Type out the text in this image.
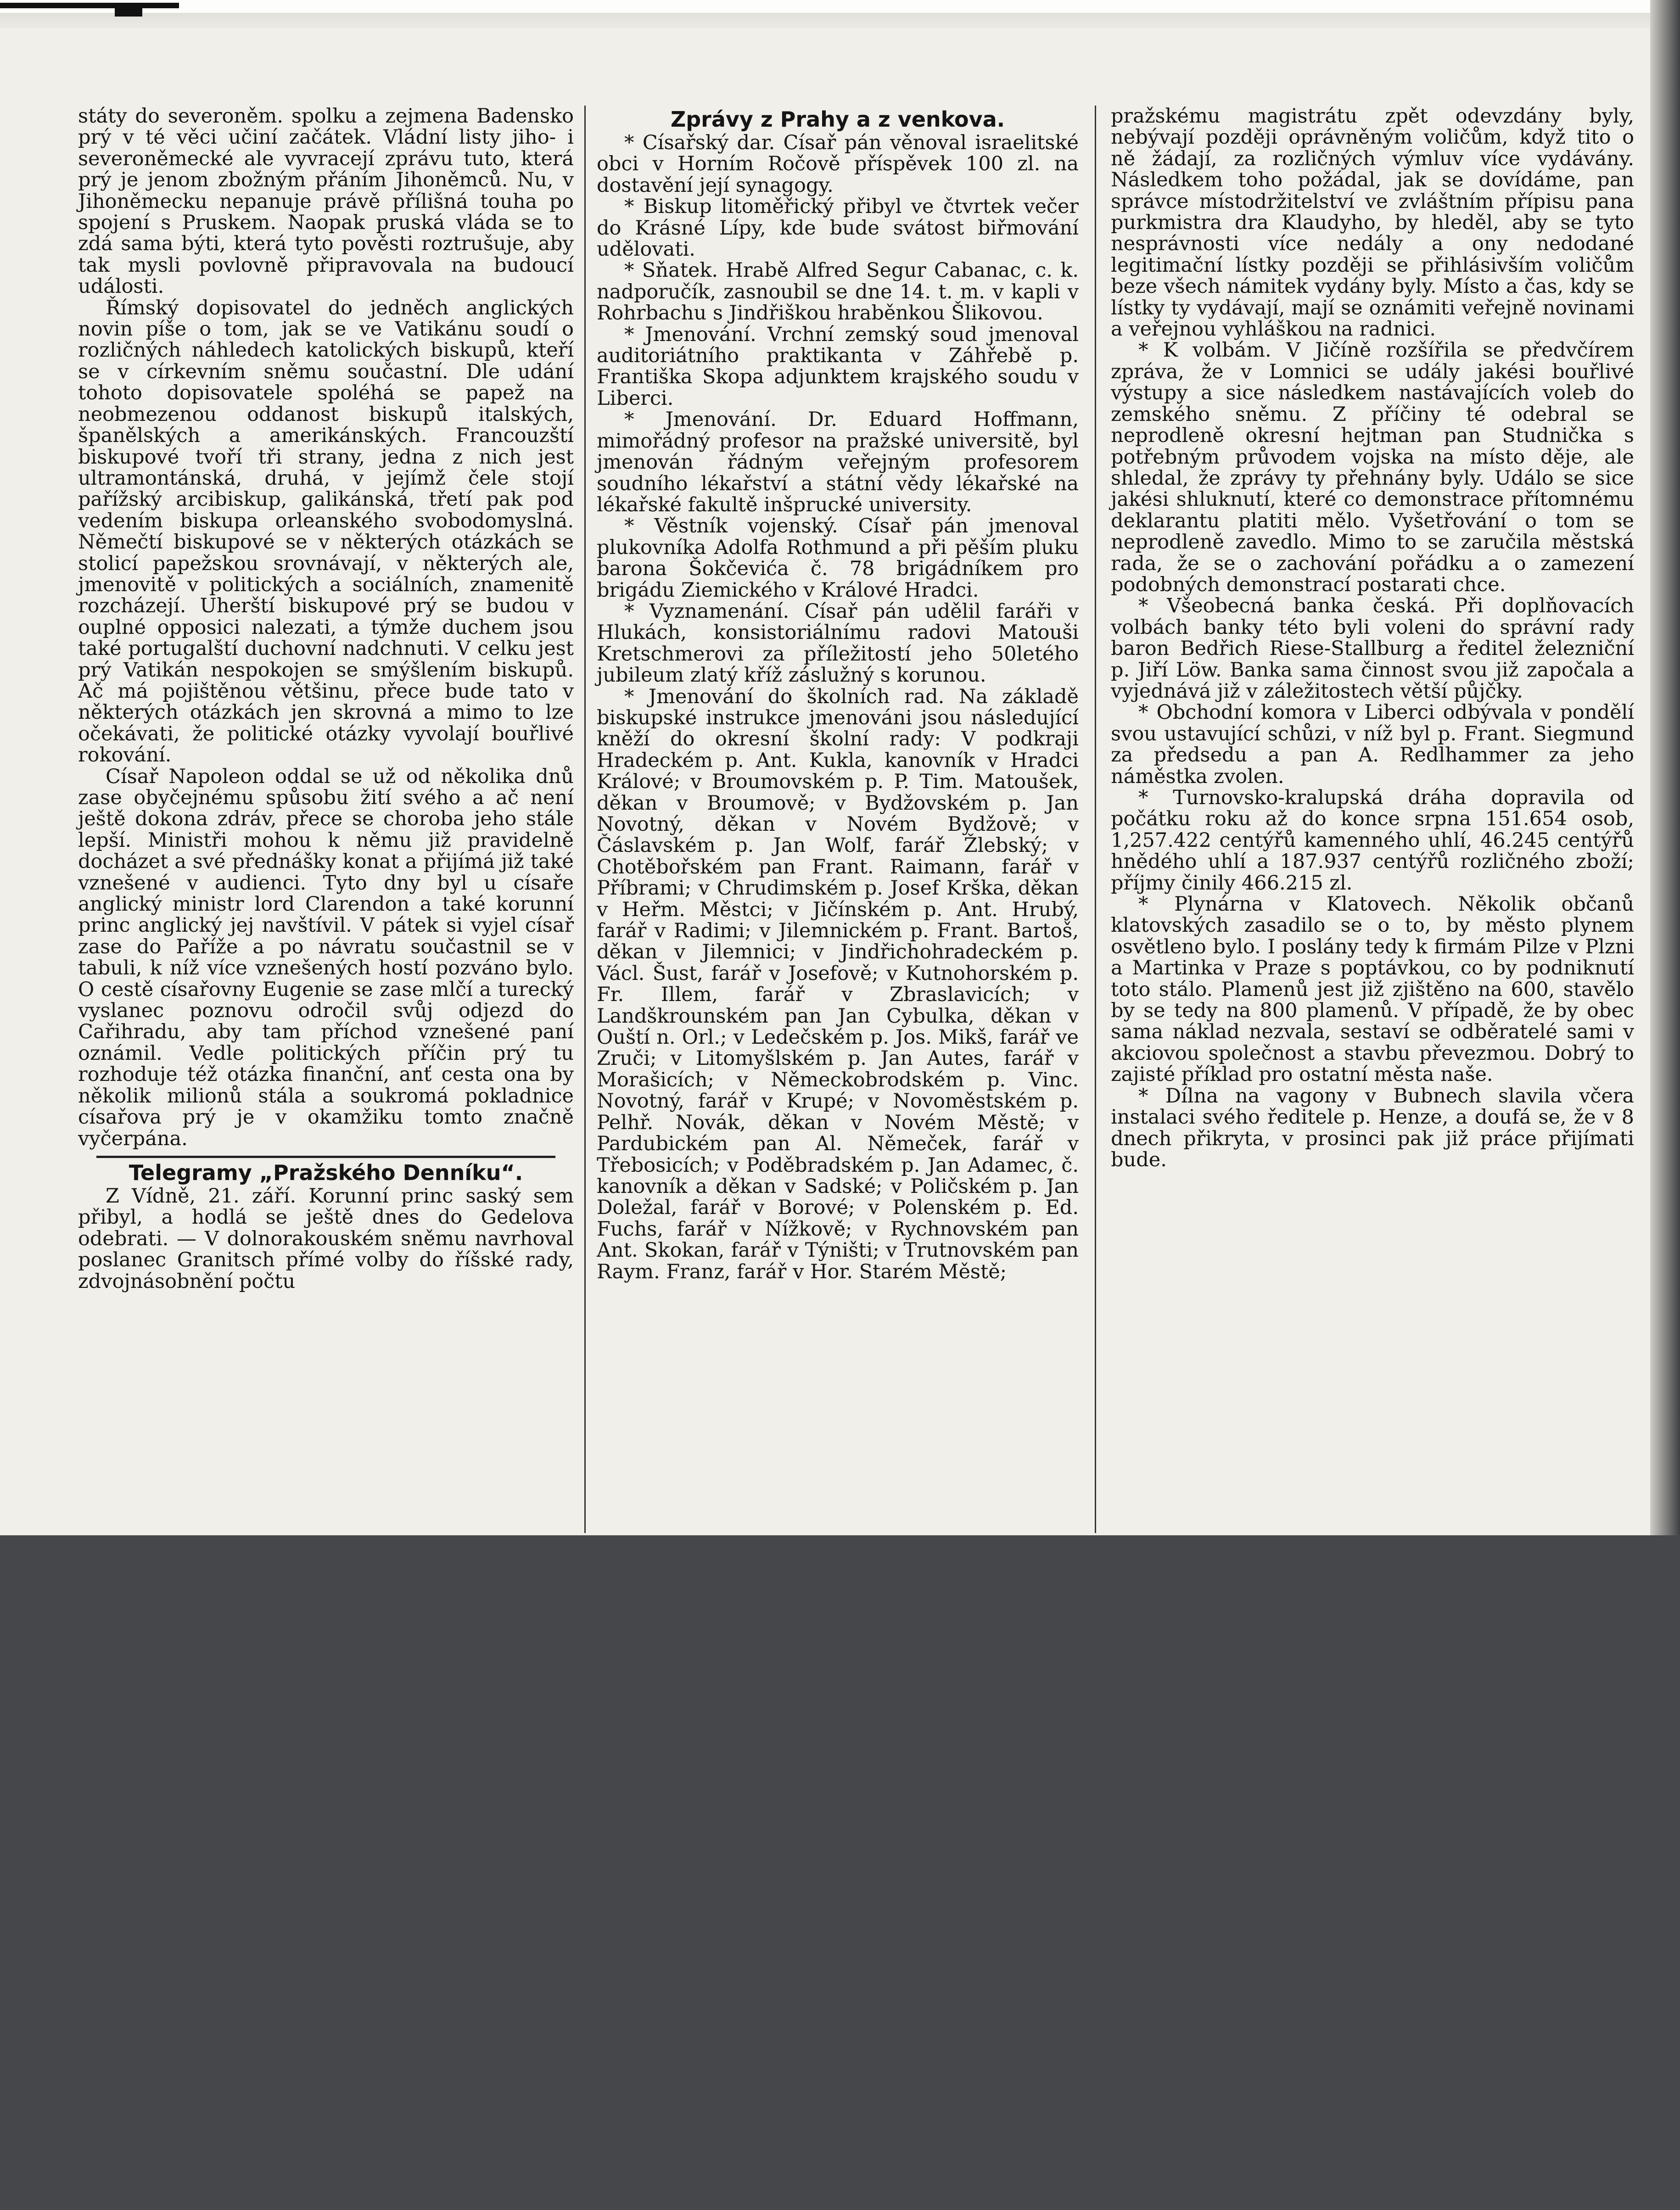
státy do severoněm. spolku a zejmena Badensko prý v té věci učiní začátek. Vládní listy jiho- i severoněmecké ale vyvracejí zprávu tuto, která prý je jenom zbožným přáním Jihoněmců. Nu, v Jihoněmecku nepanuje právě přílišná touha po spojení s Pruskem. Naopak pruská vláda se to zdá sama býti, která tyto pověsti roztrušuje, aby tak mysli povlovně připravovala na budoucí události.

Římský dopisovatel do jedněch anglických novin píše o tom, jak se ve Vatikánu soudí o rozličných náhledech katolických biskupů, kteří se v církevním sněmu součastní. Dle udání tohoto dopisovatele spoléhá se papež na neobmezenou oddanost biskupů italských, španělských a amerikánských. Francouzští biskupové tvoří tři strany, jedna z nich jest ultramontánská, druhá, v jejímž čele stojí pařížský arcibiskup, galikánská, třetí pak pod vedením biskupa orleanského svobodomyslná. Němečtí biskupové se v některých otázkách se stolicí papežskou srovnávají, v některých ale, jmenovitě v politických a sociálních, znamenitě rozcházejí. Uherští biskupové prý se budou v ouplné opposici nalezati, a týmže duchem jsou také portugalští duchovní nadchnuti. V celku jest prý Vatikán nespokojen se smýšlením biskupů. Ač má pojištěnou většinu, přece bude tato v některých otázkách jen skrovná a mimo to lze očekávati, že politické otázky vyvolají bouřlivé rokování.

Císař Napoleon oddal se už od několika dnů zase obyčejnému spůsobu žití svého a ač není ještě dokona zdráv, přece se choroba jeho stále lepší. Ministři mohou k němu již pravidelně docházet a své přednášky konat a přijímá již také vznešené v audienci. Tyto dny byl u císaře anglický ministr lord Clarendon a také korunní princ anglický jej navštívil. V pátek si vyjel císař zase do Paříže a po návratu součastnil se v tabuli, k níž více vznešených hostí pozváno bylo. O cestě císařovny Eugenie se zase mlčí a turecký vyslanec poznovu odročil svůj odjezd do Cařihradu, aby tam příchod vznešené paní oznámil. Vedle politických příčin prý tu rozhoduje též otázka finanční, anť cesta ona by několik milionů stála a soukromá pokladnice císařova prý je v okamžiku tomto značně vyčerpána.

Telegramy „Pražského Denníku“.

Z Vídně, 21. září. Korunní princ saský sem přibyl, a hodlá se ještě dnes do Gedelova odebrati. — V dolnorakouském sněmu navrhoval poslanec Granitsch přímé volby do říšské rady, zdvojnásobnění počtu

Zprávy z Prahy a z venkova.

* Císařský dar. Císař pán věnoval israelitské obci v Horním Ročově příspěvek 100 zl. na dostavění její synagogy.

* Biskup litoměřický přibyl ve čtvrtek večer do Krásné Lípy, kde bude svátost biřmování udělovati.

* Sňatek. Hrabě Alfred Segur Cabanac, c. k. nadporučík, zasnoubil se dne 14. t. m. v kapli v Rohrbachu s Jindřiškou hraběnkou Šlikovou.

* Jmenování. Vrchní zemský soud jmenoval auditoriátního praktikanta v Záhřebě p. Františka Skopa adjunktem krajského soudu v Liberci.

* Jmenování. Dr. Eduard Hoffmann, mimořádný profesor na pražské universitě, byl jmenován řádným veřejným profesorem soudního lékařství a státní vědy lékařské na lékařské fakultě inšprucké university.

* Věstník vojenský. Císař pán jmenoval plukovníka Adolfa Rothmund a při pěším pluku barona Šokčevića č. 78 brigádníkem pro brigádu Ziemického v Králové Hradci.

* Vyznamenání. Císař pán udělil faráři v Hlukách, konsistoriálnímu radovi Matouši Kretschmerovi za příležitostí jeho 50letého jubileum zlatý kříž záslužný s korunou.

* Jmenování do školních rad. Na základě biskupské instrukce jmenováni jsou následující kněží do okresní školní rady: V podkraji Hradeckém p. Ant. Kukla, kanovník v Hradci Králové; v Broumovském p. P. Tim. Matoušek, děkan v Broumově; v Bydžovském p. Jan Novotný, děkan v Novém Bydžově; v Čáslavském p. Jan Wolf, farář Žlebský; v Chotěbořském pan Frant. Raimann, farář v Příbrami; v Chrudimském p. Josef Krška, děkan v Heřm. Městci; v Jičínském p. Ant. Hrubý, farář v Radimi; v Jilemnickém p. Frant. Bartoš, děkan v Jilemnici; v Jindřichohradeckém p. Václ. Šust, farář v Josefově; v Kutnohorském p. Fr. Illem, farář v Zbraslavicích; v Landškrounském pan Jan Cybulka, děkan v Ouští n. Orl.; v Ledečském p. Jos. Mikš, farář ve Zruči; v Litomyšlském p. Jan Autes, farář v Morašicích; v Německobrodském p. Vinc. Novotný, farář v Krupé; v Novoměstském p. Pelhř. Novák, děkan v Novém Městě; v Pardubickém pan Al. Němeček, farář v Třebosicích; v Poděbradském p. Jan Adamec, č. kanovník a děkan v Sadské; v Poličském p. Jan Doležal, farář v Borové; v Polenském p. Ed. Fuchs, farář v Nížkově; v Rychnovském pan Ant. Skokan, farář v Týništi; v Trutnovském pan Raym. Franz, farář v Hor. Starém Městě;

pražskému magistrátu zpět odevzdány byly, nebývají později oprávněným voličům, když tito o ně žádají, za rozličných výmluv více vydávány. Následkem toho požádal, jak se dovídáme, pan správce místodržitelství ve zvláštním přípisu pana purkmistra dra Klaudyho, by hleděl, aby se tyto nesprávnosti více nedály a ony nedodané legitimační lístky později se přihlásivším voličům beze všech námitek vydány byly. Místo a čas, kdy se lístky ty vydávají, mají se oznámiti veřejně novinami a veřejnou vyhláškou na radnici.

* K volbám. V Jičíně rozšířila se předvčírem zpráva, že v Lomnici se udály jakési bouřlivé výstupy a sice následkem nastávajících voleb do zemského sněmu. Z příčiny té odebral se neprodleně okresní hejtman pan Studnička s potřebným průvodem vojska na místo děje, ale shledal, že zprávy ty přehnány byly. Událo se sice jakési shluknutí, které co demonstrace přítomnému deklarantu platiti mělo. Vyšetřování o tom se neprodleně zavedlo. Mimo to se zaručila městská rada, že se o zachování pořádku a o zamezení podobných demonstrací postarati chce.

* Všeobecná banka česká. Při doplňovacích volbách banky této byli voleni do správní rady baron Bedřich Riese-Stallburg a ředitel železniční p. Jiří Löw. Banka sama činnost svou již započala a vyjednává již v záležitostech větší půjčky.

* Obchodní komora v Liberci odbývala v pondělí svou ustavující schůzi, v níž byl p. Frant. Siegmund za předsedu a pan A. Redlhammer za jeho náměstka zvolen.

* Turnovsko-kralupská dráha dopravila od počátku roku až do konce srpna 151.654 osob, 1,257.422 centýřů kamenného uhlí, 46.245 centýřů hnědého uhlí a 187.937 centýřů rozličného zboží; příjmy činily 466.215 zl.

* Plynárna v Klatovech. Několik občanů klatovských zasadilo se o to, by město plynem osvětleno bylo. I poslány tedy k firmám Pilze v Plzni a Martinka v Praze s poptávkou, co by podniknutí toto stálo. Plamenů jest již zjištěno na 600, stavělo by se tedy na 800 plamenů. V případě, že by obec sama náklad nezvala, sestaví se odběratelé sami v akciovou společnost a stavbu převezmou. Dobrý to zajisté příklad pro ostatní města naše.

* Dílna na vagony v Bubnech slavila včera instalaci svého ředitele p. Henze, a doufá se, že v 8 dnech přikryta, v prosinci pak již práce přijímati bude.
